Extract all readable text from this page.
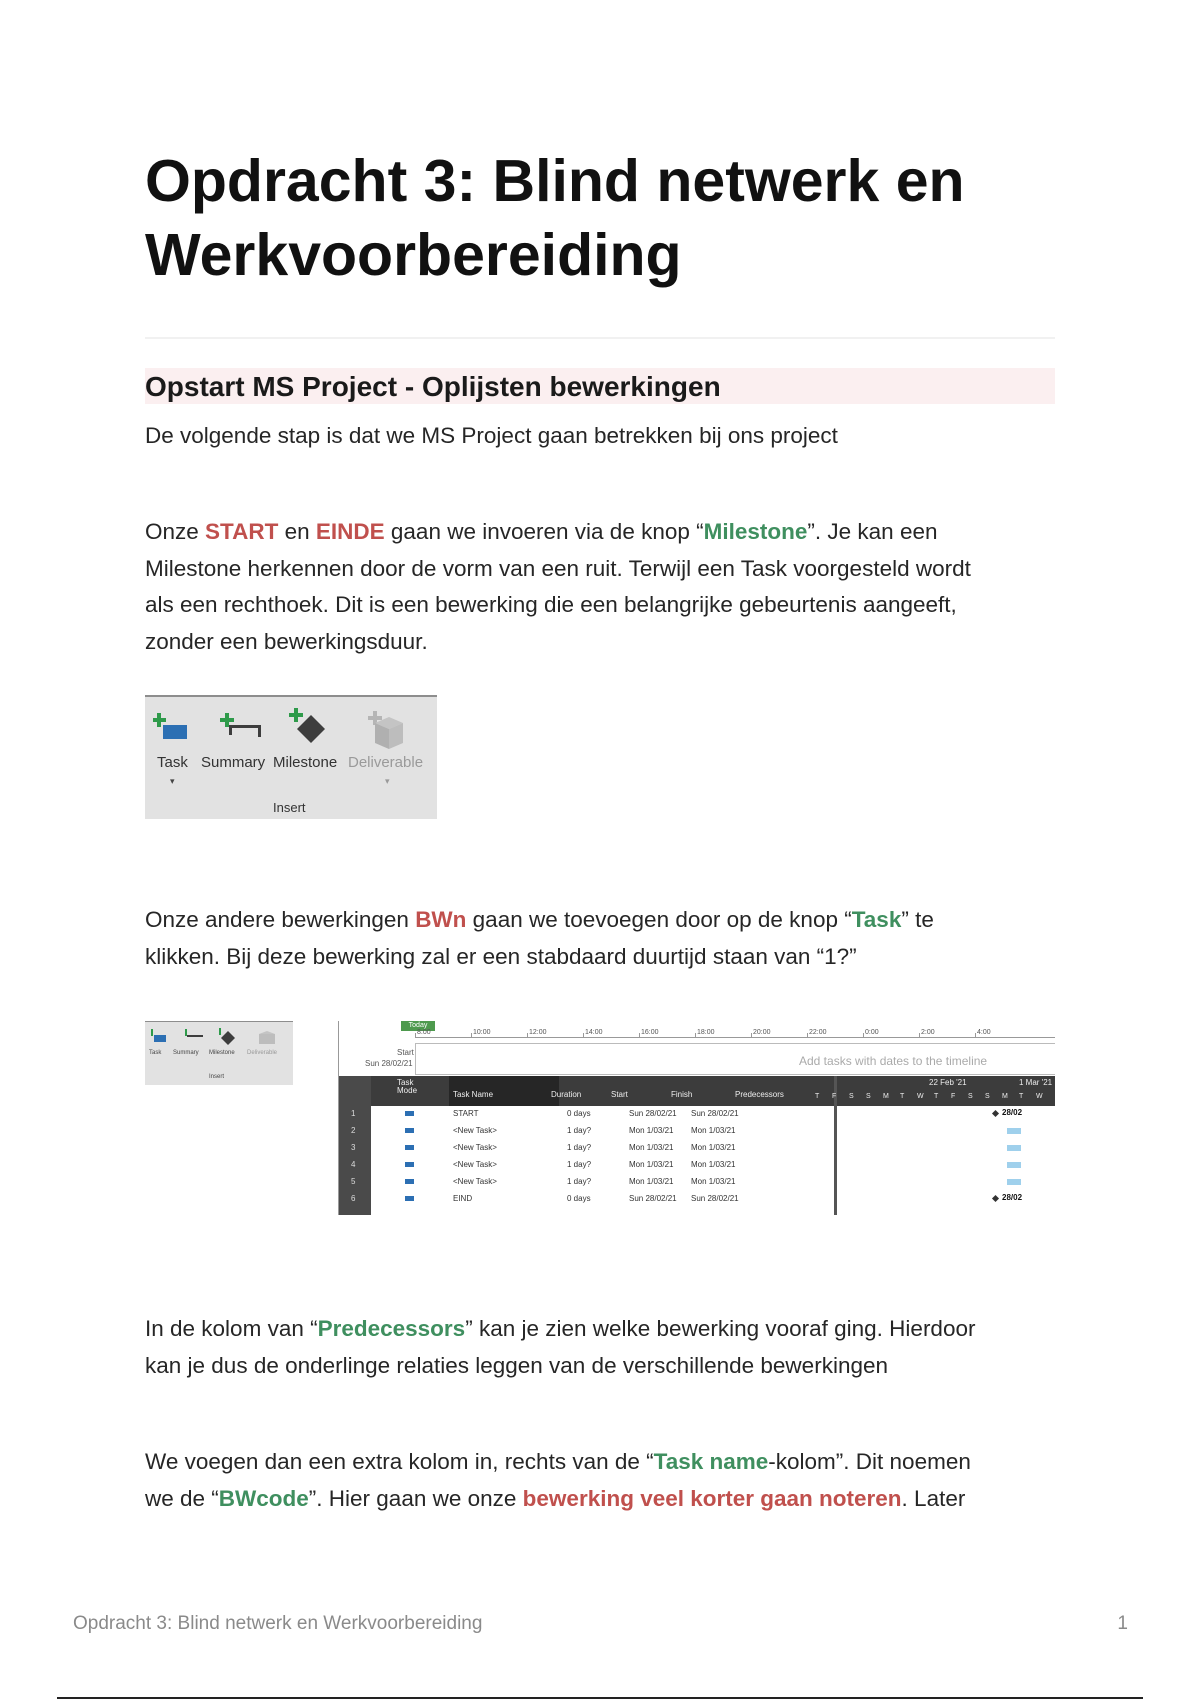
Opdracht 3: Blind netwerk en
Werkvoorbereiding
Opstart MS Project - Oplijsten bewerkingen
De volgende stap is dat we MS Project gaan betrekken bij ons project
Onze START en EINDE gaan we invoeren via de knop “Milestone”. Je kan een
Milestone herkennen door de vorm van een ruit. Terwijl een Task voorgesteld wordt
als een rechthoek. Dit is een bewerking die een belangrijke gebeurtenis aangeeft,
zonder een bewerkingsduur.
Task Summary Milestone Deliverable
▾	▾
Insert
Onze andere bewerkingen BWn gaan we toevoegen door op de knop “Task” te
klikken. Bij deze bewerking zal er een stabdaard duurtijd staan van “1?”
Task Summary Milestone Deliverable
Insert
Today
8:00	10:00	12:00	14:00	16:00	18:00	20:00	22:00	0:00	2:00	4:00
Start
Sun 28/02/21	Add tasks with dates to the timeline
Task Mode	Task Name	Duration	Start	Finish	Predecessors
22 Feb '21	1 Mar '21
T F S S M T W T F S S M T W
1	START	0 days	Sun 28/02/21 Sun 28/02/21	28/02
2	<New Task>	1 day?	Mon 1/03/21 Mon 1/03/21
3	<New Task>	1 day?	Mon 1/03/21 Mon 1/03/21
4	<New Task>	1 day?	Mon 1/03/21 Mon 1/03/21
5	<New Task>	1 day?	Mon 1/03/21 Mon 1/03/21
6	EIND	0 days	Sun 28/02/21 Sun 28/02/21	28/02
In de kolom van “Predecessors” kan je zien welke bewerking vooraf ging. Hierdoor
kan je dus de onderlinge relaties leggen van de verschillende bewerkingen
We voegen dan een extra kolom in, rechts van de “Task name-kolom”. Dit noemen
we de “BWcode”. Hier gaan we onze bewerking veel korter gaan noteren. Later
Opdracht 3: Blind netwerk en Werkvoorbereiding	1
